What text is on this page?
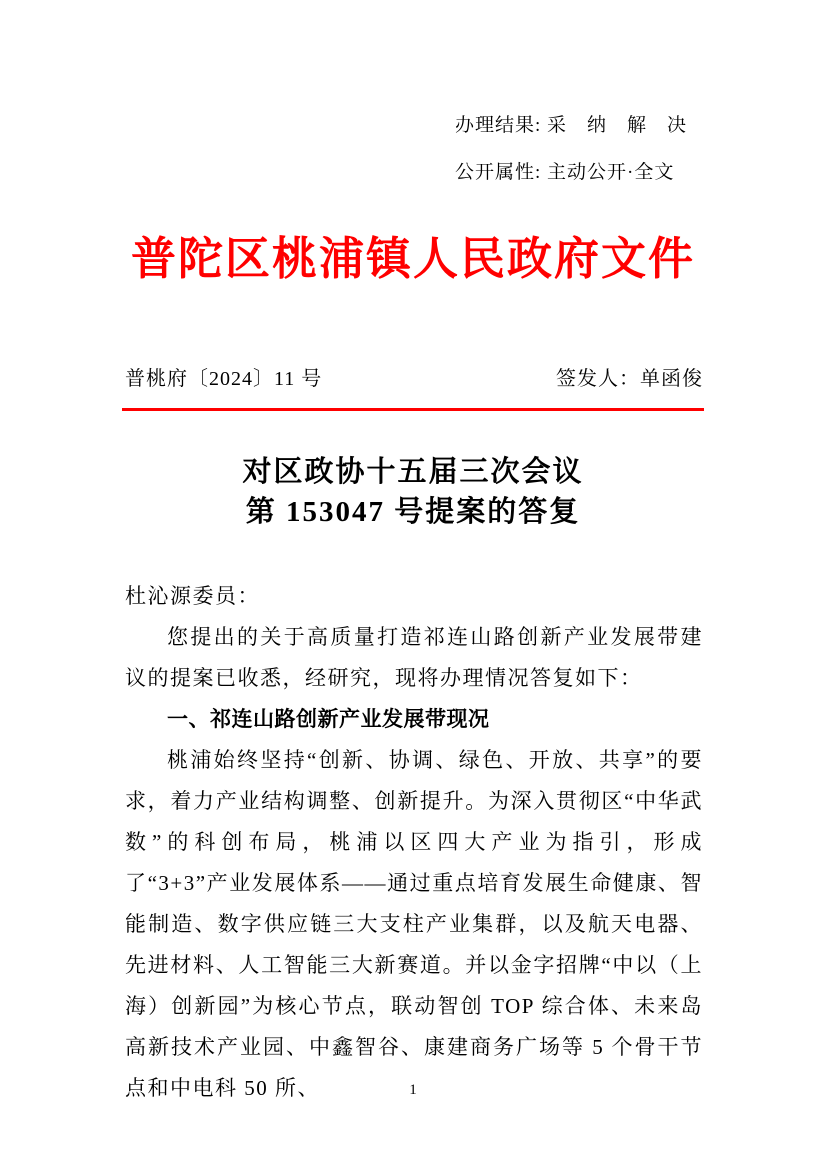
办理结果: 采　纳　解　决
公开属性: 主动公开·全文
普陀区桃浦镇人民政府文件
普桃府〔2024〕11 号	签发人：单函俊
对区政协十五届三次会议
第 153047 号提案的答复

杜沁源委员：

您提出的关于高质量打造祁连山路创新产业发展带建议的提案已收悉，经研究，现将办理情况答复如下：

一、祁连山路创新产业发展带现况

桃浦始终坚持“创新、协调、绿色、开放、共享”的要求，着力产业结构调整、创新提升。为深入贯彻区“中华武数”的科创布局，桃浦以区四大产业为指引，形成了“3+3”产业发展体系——通过重点培育发展生命健康、智能制造、数字供应链三大支柱产业集群，以及航天电器、先进材料、人工智能三大新赛道。并以金字招牌“中以（上海）创新园”为核心节点，联动智创 TOP 综合体、未来岛高新技术产业园、中鑫智谷、康建商务广场等 5 个骨干节点和中电科 50 所、	1
